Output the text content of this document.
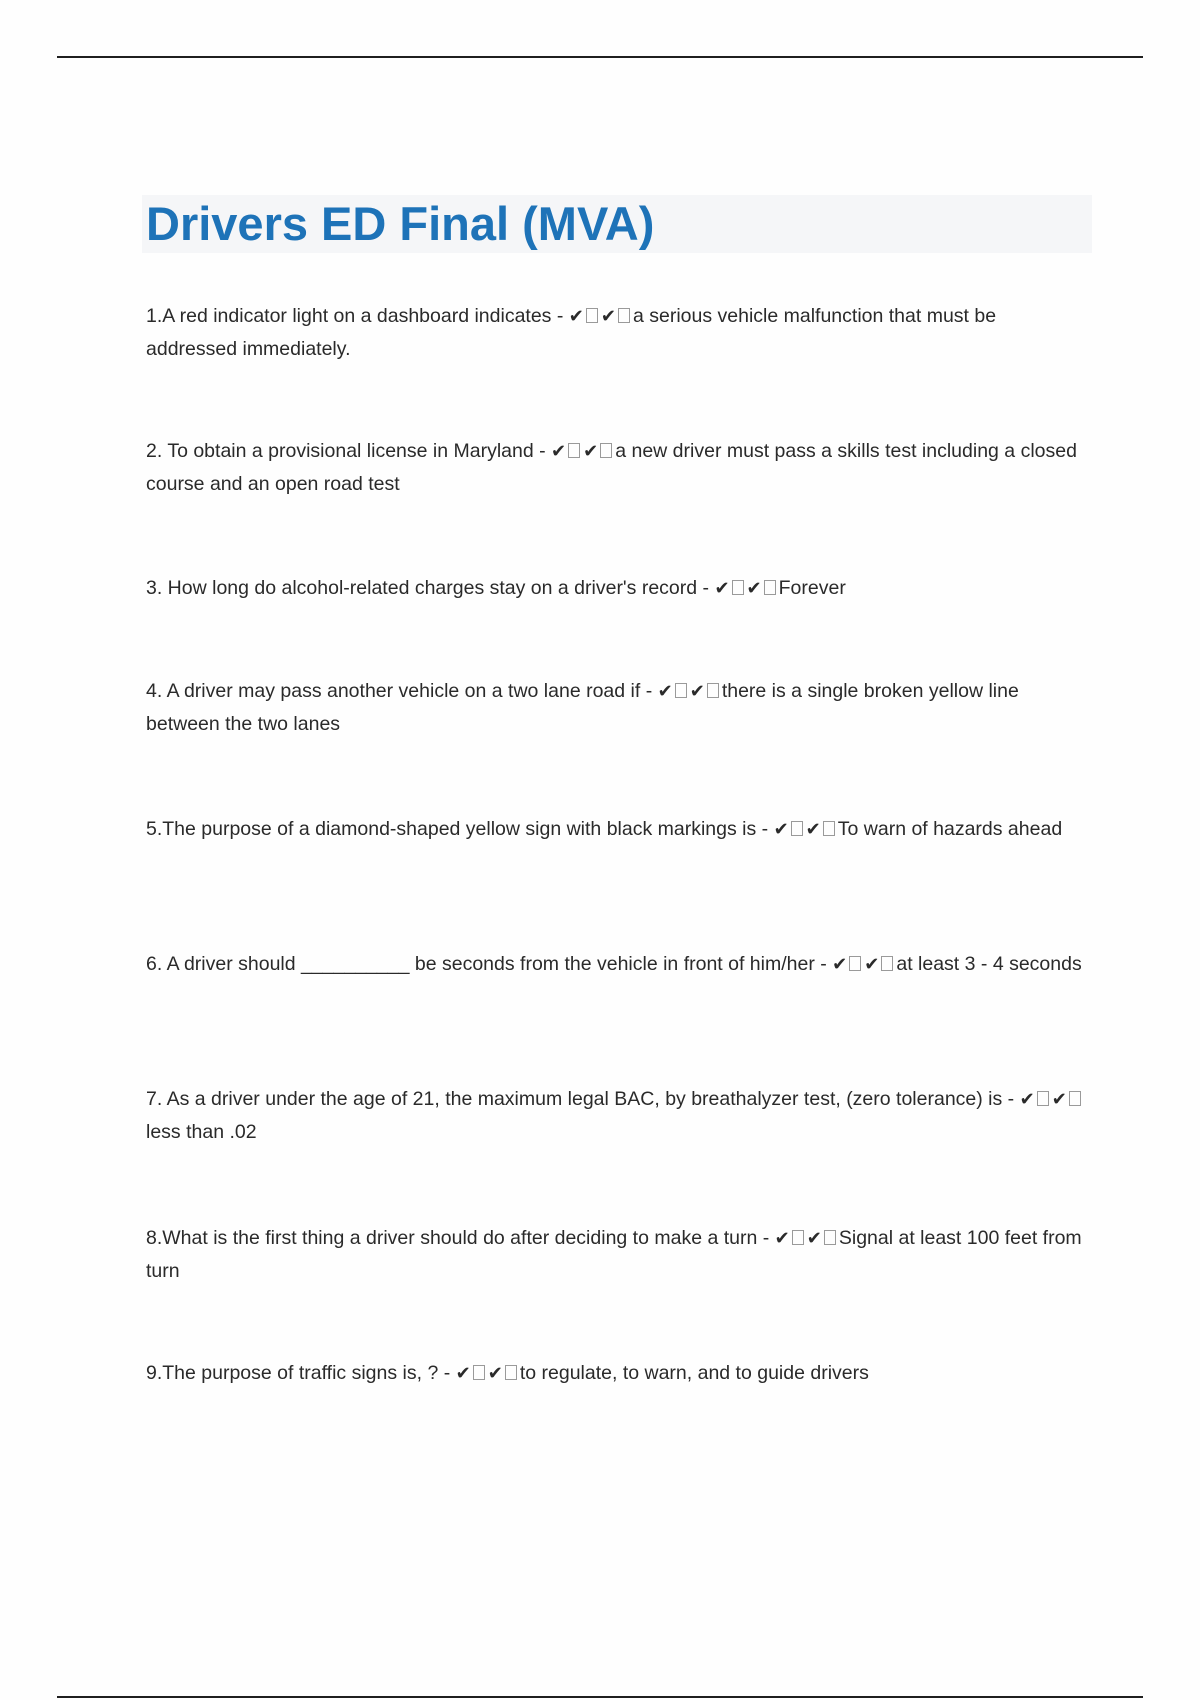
Drivers ED Final (MVA)
1.A red indicator light on a dashboard indicates - ✔ ✔ a serious vehicle malfunction that must be addressed immediately.
2. To obtain a provisional license in Maryland - ✔ ✔ a new driver must pass a skills test including a closed course and an open road test
3. How long do alcohol-related charges stay on a driver's record - ✔ ✔ Forever
4. A driver may pass another vehicle on a two lane road if - ✔ ✔ there is a single broken yellow line between the two lanes
5.The purpose of a diamond-shaped yellow sign with black markings is - ✔ ✔ To warn of hazards ahead
6. A driver should __________ be seconds from the vehicle in front of him/her - ✔ ✔ at least 3 - 4 seconds
7. As a driver under the age of 21, the maximum legal BAC, by breathalyzer test, (zero tolerance) is - ✔ ✔less than .02
8.What is the first thing a driver should do after deciding to make a turn - ✔ ✔ Signal at least 100 feet from turn
9.The purpose of traffic signs is, ? - ✔ ✔ to regulate, to warn, and to guide drivers
